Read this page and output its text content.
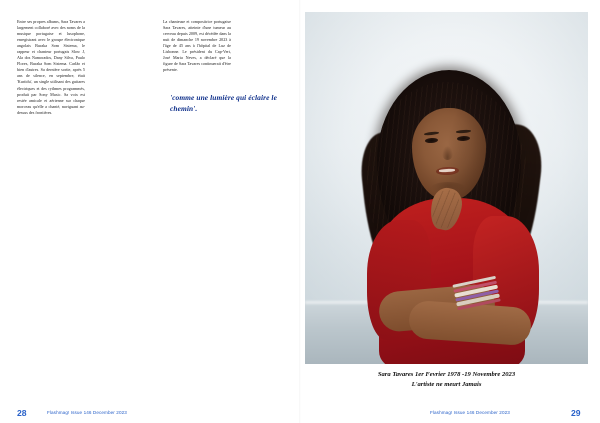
Entre ses propres albums, Sara Tavares a largement collaboré avec des noms de la musique portugaise et lusophone, enregistrant avec le groupe électronique angolais Buraka Som Sistema, le rappeur et chanteur portugais Slow J, Ala dos Namorados, Dany Silva, Paulo Flores, Buraka Som Sistema. Carlão et bien d'autres. Sa dernière sortie, après 5 ans de silence, en septembre, était 'Kurtidu', un single utilisant des guitares électriques et des rythmes programmés, produit par Sony Music. Sa voix est restée amicale et aérienne sur chaque morceau qu'elle a chanté, naviguant au-dessus des frontières.
La chanteuse et compositrice portugaise Sara Tavares, atteinte d'une tumeur au cerveau depuis 2009, est décédée dans la nuit de dimanche 19 novembre 2023 à l'âge de 45 ans à l'hôpital de Luz de Lisbonne. Le président du Cap-Vert, José Maria Neves, a déclaré que la figure de Sara Tavares continuerait d'être présente.
'comme une lumière qui éclaire le chemin'.
Sara Tavares 1er Fevrier 1978 -19 Novembre 2023
L'artiste ne meurt Jamais
Flashmag! Issue 146 December 2023	Flashmag! Issue 146 December 2023
28	29
